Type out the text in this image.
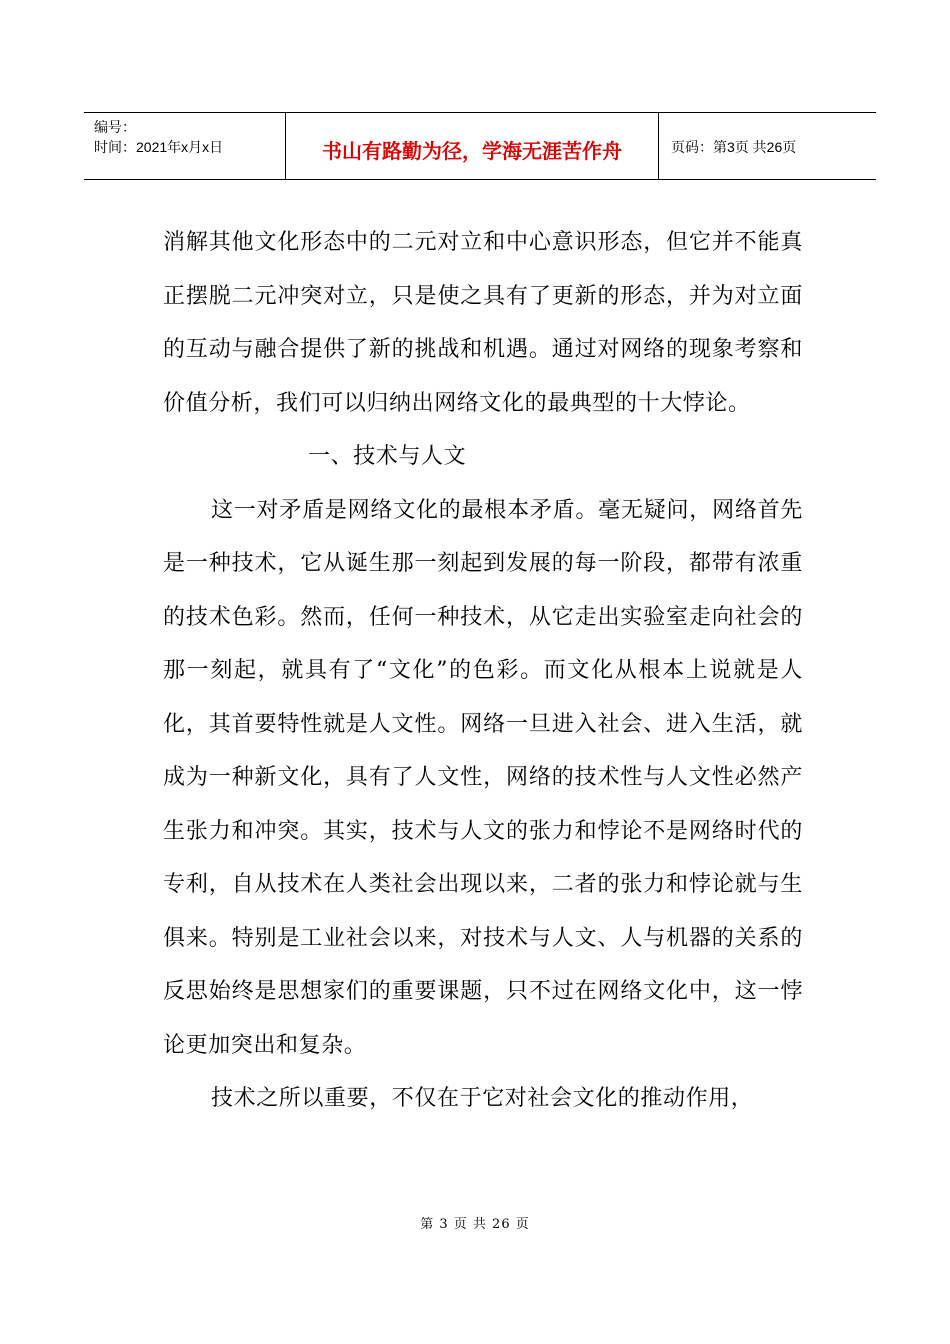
编号：
时间：2021年x月x日	书山有路勤为径，学海无涯苦作舟	页码：第3页 共26页

消解其他文化形态中的二元对立和中心意识形态，但它并不能真正摆脱二元冲突对立，只是使之具有了更新的形态，并为对立面的互动与融合提供了新的挑战和机遇。通过对网络的现象考察和价值分析，我们可以归纳出网络文化的最典型的十大悖论。

一、技术与人文

这一对矛盾是网络文化的最根本矛盾。毫无疑问，网络首先是一种技术，它从诞生那一刻起到发展的每一阶段，都带有浓重的技术色彩。然而，任何一种技术，从它走出实验室走向社会的那一刻起，就具有了“文化”的色彩。而文化从根本上说就是人化，其首要特性就是人文性。网络一旦进入社会、进入生活，就成为一种新文化，具有了人文性，网络的技术性与人文性必然产生张力和冲突。其实，技术与人文的张力和悖论不是网络时代的专利，自从技术在人类社会出现以来，二者的张力和悖论就与生俱来。特别是工业社会以来，对技术与人文、人与机器的关系的反思始终是思想家们的重要课题，只不过在网络文化中，这一悖论更加突出和复杂。

技术之所以重要，不仅在于它对社会文化的推动作用，

第 3 页 共 26 页
